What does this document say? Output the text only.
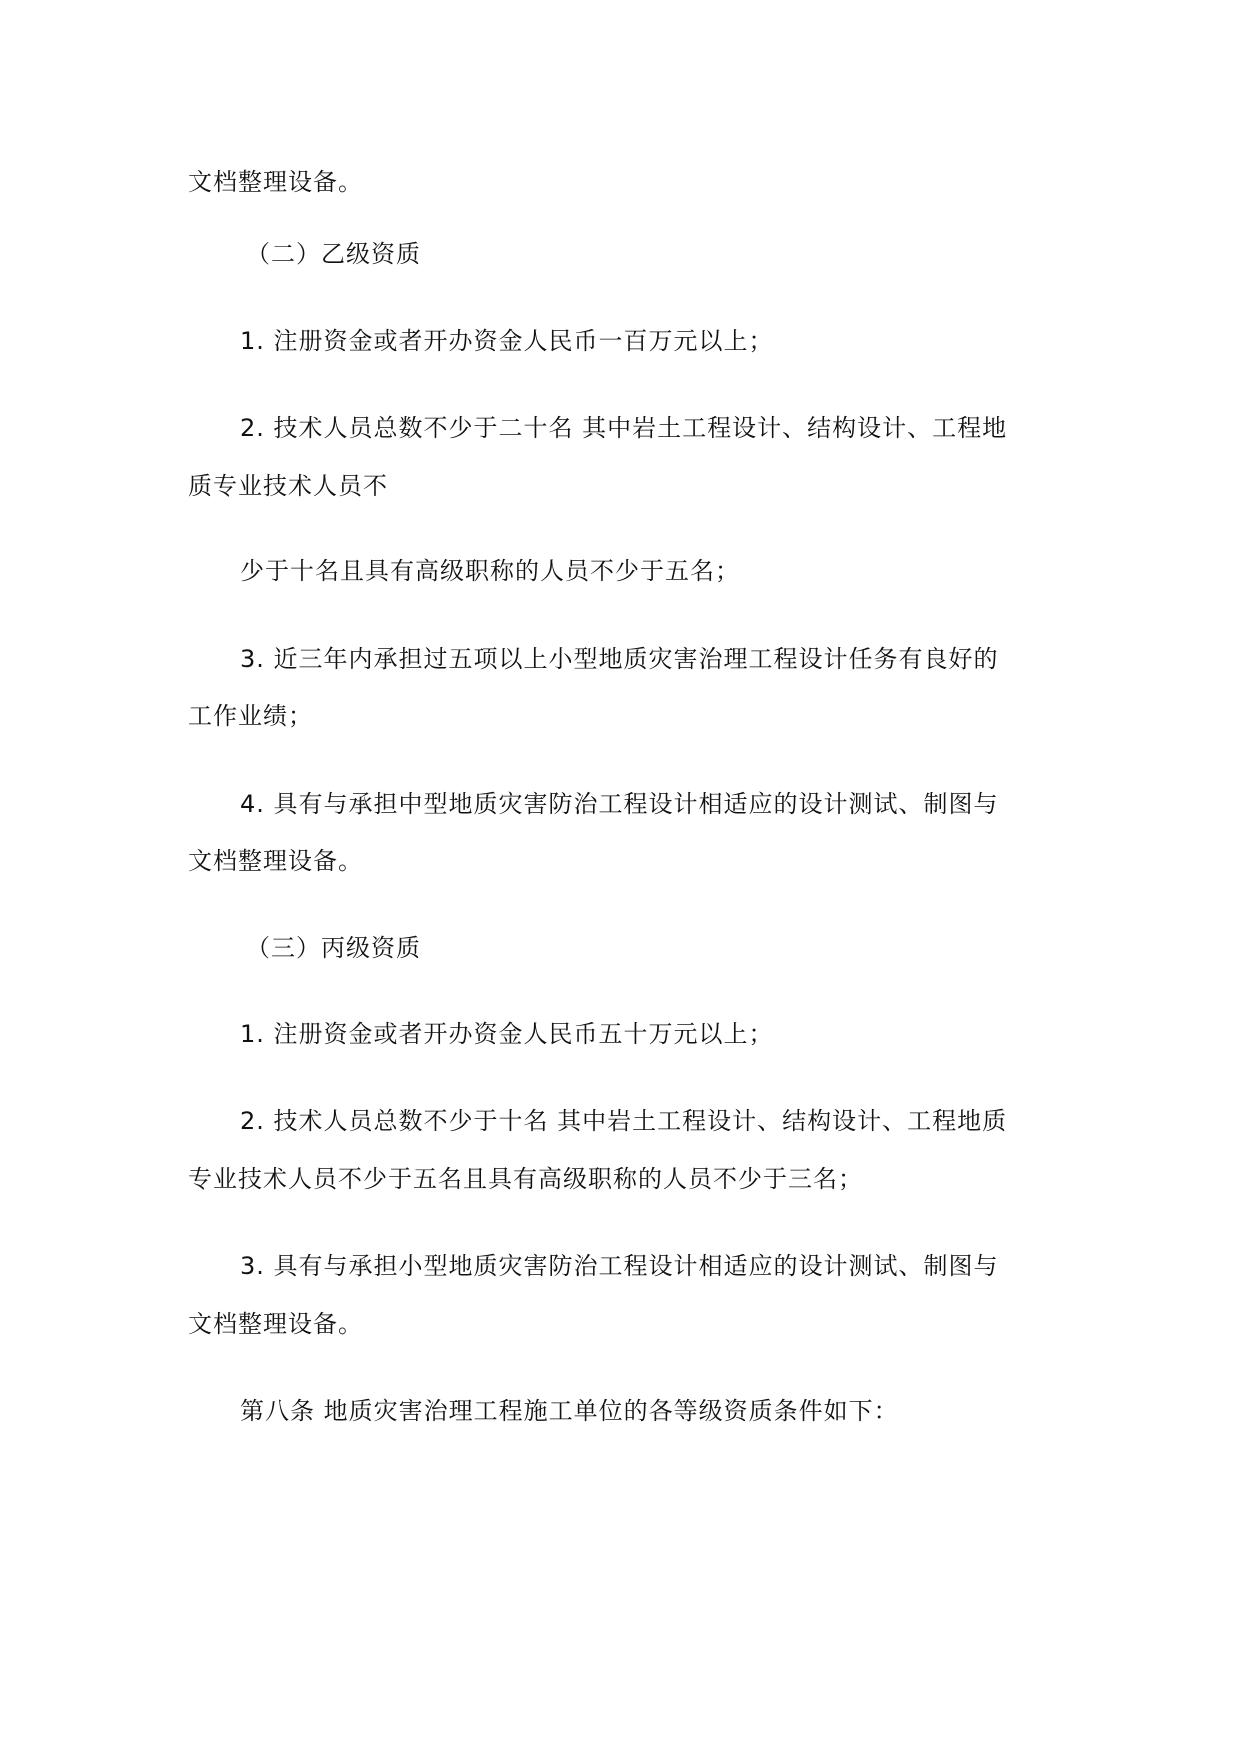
文档整理设备。
（二）乙级资质
1. 注册资金或者开办资金人民币一百万元以上；
2. 技术人员总数不少于二十名 其中岩土工程设计、结构设计、工程地
质专业技术人员不
少于十名且具有高级职称的人员不少于五名；
3. 近三年内承担过五项以上小型地质灾害治理工程设计任务有良好的
工作业绩；
4. 具有与承担中型地质灾害防治工程设计相适应的设计测试、制图与
文档整理设备。
（三）丙级资质
1. 注册资金或者开办资金人民币五十万元以上；
2. 技术人员总数不少于十名 其中岩土工程设计、结构设计、工程地质
专业技术人员不少于五名且具有高级职称的人员不少于三名；
3. 具有与承担小型地质灾害防治工程设计相适应的设计测试、制图与
文档整理设备。
第八条 地质灾害治理工程施工单位的各等级资质条件如下：
